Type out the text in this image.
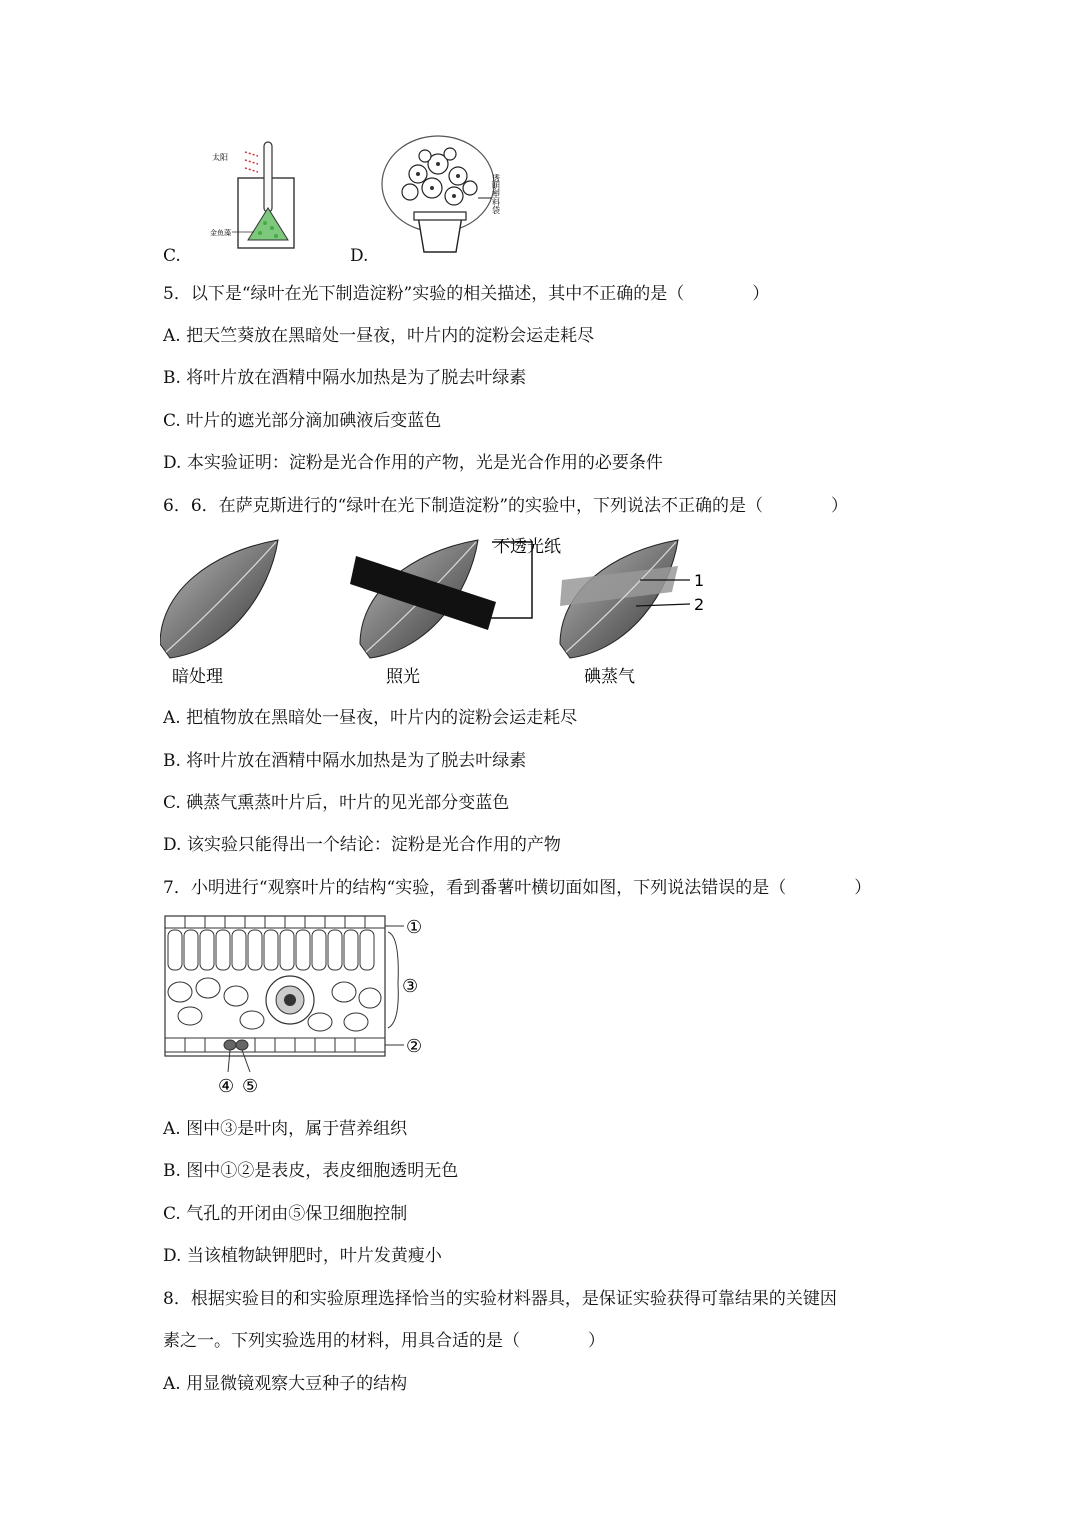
太阳
金鱼藻
C.
透明塑料袋
D.
5．以下是“绿叶在光下制造淀粉”实验的相关描述，其中不正确的是（　　　　）
A. 把天竺葵放在黑暗处一昼夜，叶片内的淀粉会运走耗尽
B. 将叶片放在酒精中隔水加热是为了脱去叶绿素
C. 叶片的遮光部分滴加碘液后变蓝色
D. 本实验证明：淀粉是光合作用的产物，光是光合作用的必要条件
6．6．在萨克斯进行的“绿叶在光下制造淀粉”的实验中，下列说法不正确的是（　　　　）
暗处理
不透光纸
照光
1
2
碘蒸气
A. 把植物放在黑暗处一昼夜，叶片内的淀粉会运走耗尽
B. 将叶片放在酒精中隔水加热是为了脱去叶绿素
C. 碘蒸气熏蒸叶片后，叶片的见光部分变蓝色
D. 该实验只能得出一个结论：淀粉是光合作用的产物
7．小明进行“观察叶片的结构“实验，看到番薯叶横切面如图，下列说法错误的是（　　　　）
①
③
②
④ ⑤
A. 图中③是叶肉，属于营养组织
B. 图中①②是表皮，表皮细胞透明无色
C. 气孔的开闭由⑤保卫细胞控制
D. 当该植物缺钾肥时，叶片发黄瘦小
8．根据实验目的和实验原理选择恰当的实验材料器具，是保证实验获得可靠结果的关键因
素之一。下列实验选用的材料，用具合适的是（　　　　）
A. 用显微镜观察大豆种子的结构
